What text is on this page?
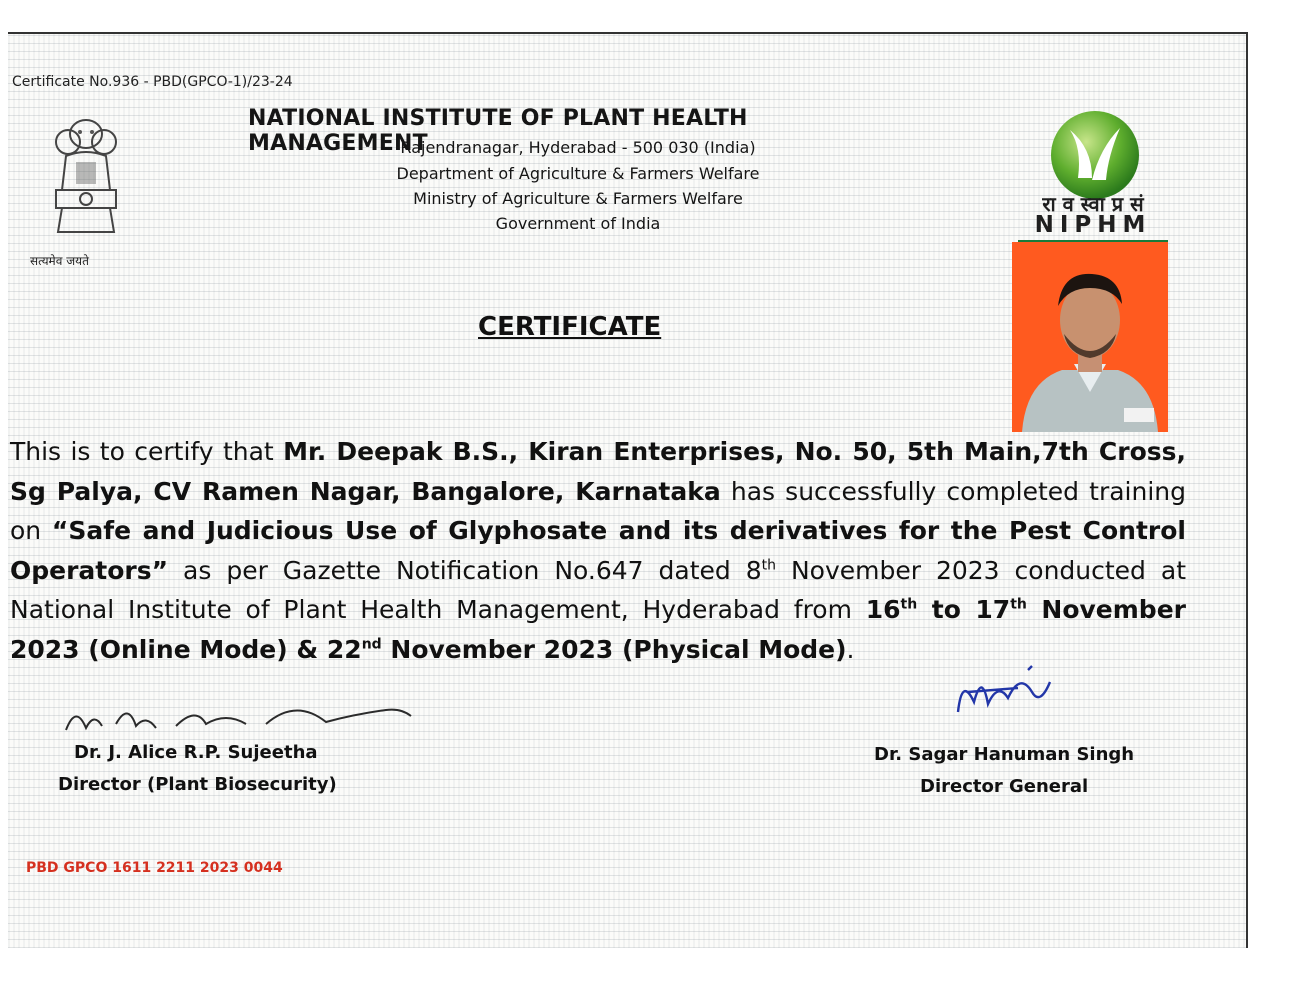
Certificate No.936 - PBD(GPCO-1)/23-24
सत्यमेव जयते
NATIONAL INSTITUTE OF PLANT HEALTH MANAGEMENT
Rajendranagar, Hyderabad - 500 030 (India)
Department of Agriculture & Farmers Welfare
Ministry of Agriculture & Farmers Welfare
Government of India
रा व स्वा प्र सं
NIPHM
CERTIFICATE
This is to certify that Mr. Deepak B.S., Kiran Enterprises, No. 50, 5th Main,7th Cross, Sg Palya, CV Ramen Nagar, Bangalore, Karnataka has successfully completed training on “Safe and Judicious Use of Glyphosate and its derivatives for the Pest Control Operators” as per Gazette Notification No.647 dated 8th November 2023 conducted at National Institute of Plant Health Management, Hyderabad from 16th to 17th November 2023 (Online Mode) & 22nd November 2023 (Physical Mode).
Dr. J. Alice R.P. Sujeetha
Director (Plant Biosecurity)
Dr. Sagar Hanuman Singh
Director General
PBD GPCO 1611 2211 2023 0044
